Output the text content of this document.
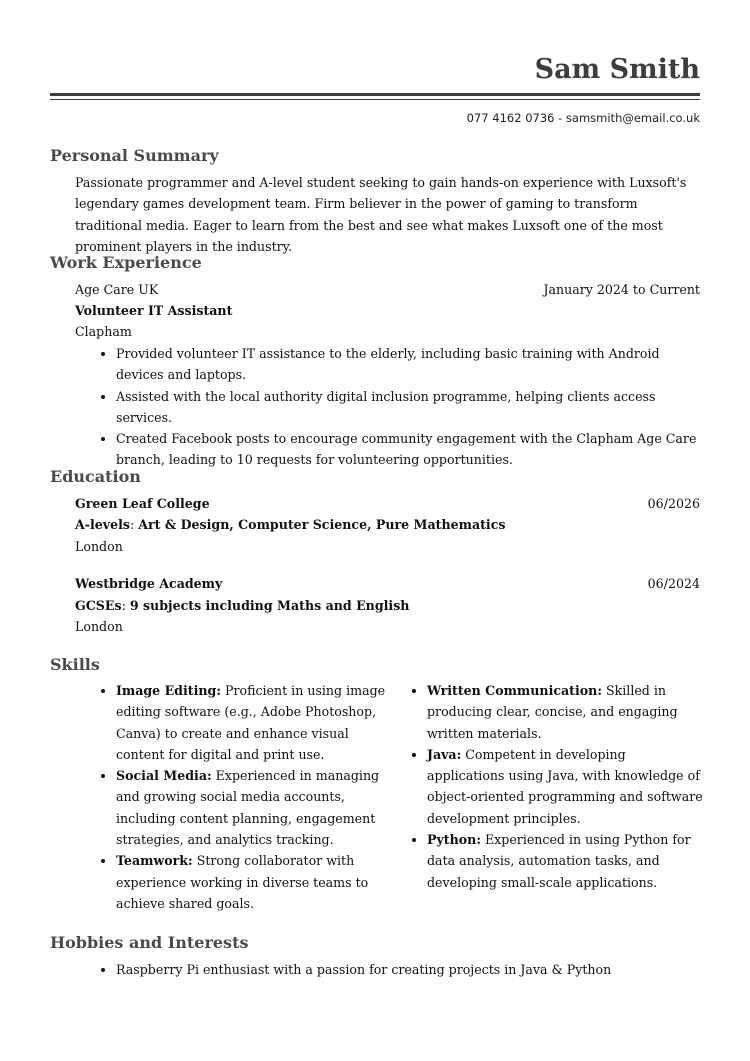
Sam Smith
077 4162 0736 - samsmith@email.co.uk
Personal Summary

Passionate programmer and A-level student seeking to gain hands-on experience with Luxsoft's legendary games development team. Firm believer in the power of gaming to transform traditional media. Eager to learn from the best and see what makes Luxsoft one of the most prominent players in the industry.

Work Experience
Age Care UK	January 2024 to Current
Volunteer IT Assistant
Clapham
• Provided volunteer IT assistance to the elderly, including basic training with Android devices and laptops.
• Assisted with the local authority digital inclusion programme, helping clients access services.
• Created Facebook posts to encourage community engagement with the Clapham Age Care branch, leading to 10 requests for volunteering opportunities.
Education
Green Leaf College	06/2026
A-levels: Art & Design, Computer Science, Pure Mathematics
London
Westbridge Academy	06/2024
GCSEs: 9 subjects including Maths and English
London
Skills
• Image Editing: Proficient in using image editing software (e.g., Adobe Photoshop, Canva) to create and enhance visual content for digital and print use.
• Social Media: Experienced in managing and growing social media accounts, including content planning, engagement strategies, and analytics tracking.
• Teamwork: Strong collaborator with experience working in diverse teams to achieve shared goals.
• Written Communication: Skilled in producing clear, concise, and engaging written materials.
• Java: Competent in developing applications using Java, with knowledge of object-oriented programming and software development principles.
• Python: Experienced in using Python for data analysis, automation tasks, and developing small-scale applications.
Hobbies and Interests
• Raspberry Pi enthusiast with a passion for creating projects in Java & Python
